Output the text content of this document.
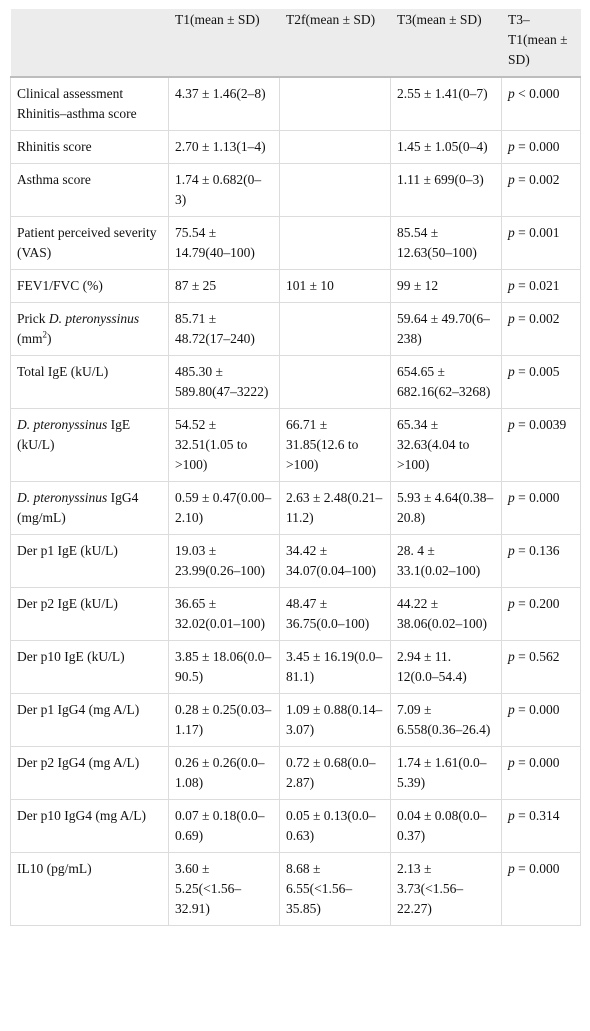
	T1(mean ± SD)	T2f(mean ± SD)	T3(mean ± SD)	T3–T1(mean ± SD)
Clinical assessment Rhinitis–asthma score	4.37 ± 1.46(2–8)		2.55 ± 1.41(0–7)	p < 0.000
Rhinitis score	2.70 ± 1.13(1–4)		1.45 ± 1.05(0–4)	p = 0.000
Asthma score	1.74 ± 0.682(0–3)		1.11 ± 699(0–3)	p = 0.002
Patient perceived severity (VAS)	75.54 ± 14.79(40–100)		85.54 ± 12.63(50–100)	p = 0.001
FEV1/FVC (%)	87 ± 25	101 ± 10	99 ± 12	p = 0.021
Prick D. pteronyssinus $(mm^2)$	85.71 ± 48.72(17–240)		59.64 ± 49.70(6–238)	p = 0.002
Total IgE (kU/L)	485.30 ± 589.80(47–3222)		654.65 ± 682.16(62–3268)	p = 0.005
D. pteronyssinus IgE (kU/L)	54.52 ± 32.51(1.05 to >100)	66.71 ± 31.85(12.6 to >100)	65.34 ± 32.63(4.04 to >100)	p = 0.0039
D. pteronyssinus IgG4 (mg/mL)	0.59 ± 0.47(0.00–2.10)	2.63 ± 2.48(0.21–11.2)	5.93 ± 4.64(0.38–20.8)	p = 0.000
Der p1 IgE (kU/L)	19.03 ± 23.99(0.26–100)	34.42 ± 34.07(0.04–100)	28. 4 ± 33.1(0.02–100)	p = 0.136
Der p2 IgE (kU/L)	36.65 ± 32.02(0.01–100)	48.47 ± 36.75(0.0–100)	44.22 ± 38.06(0.02–100)	p = 0.200
Der p10 IgE (kU/L)	3.85 ± 18.06(0.0–90.5)	3.45 ± 16.19(0.0–81.1)	2.94 ± 11. 12(0.0–54.4)	p = 0.562
Der p1 IgG4 (mg A/L)	0.28 ± 0.25(0.03–1.17)	1.09 ± 0.88(0.14–3.07)	7.09 ± 6.558(0.36–26.4)	p = 0.000
Der p2 IgG4 (mg A/L)	0.26 ± 0.26(0.0–1.08)	0.72 ± 0.68(0.0–2.87)	1.74 ± 1.61(0.0–5.39)	p = 0.000
Der p10 IgG4 (mg A/L)	0.07 ± 0.18(0.0–0.69)	0.05 ± 0.13(0.0–0.63)	0.04 ± 0.08(0.0–0.37)	p = 0.314
IL10 (pg/mL)	3.60 ± 5.25(<1.56–32.91)	8.68 ± 6.55(<1.56–35.85)	2.13 ± 3.73(<1.56–22.27)	p = 0.000
